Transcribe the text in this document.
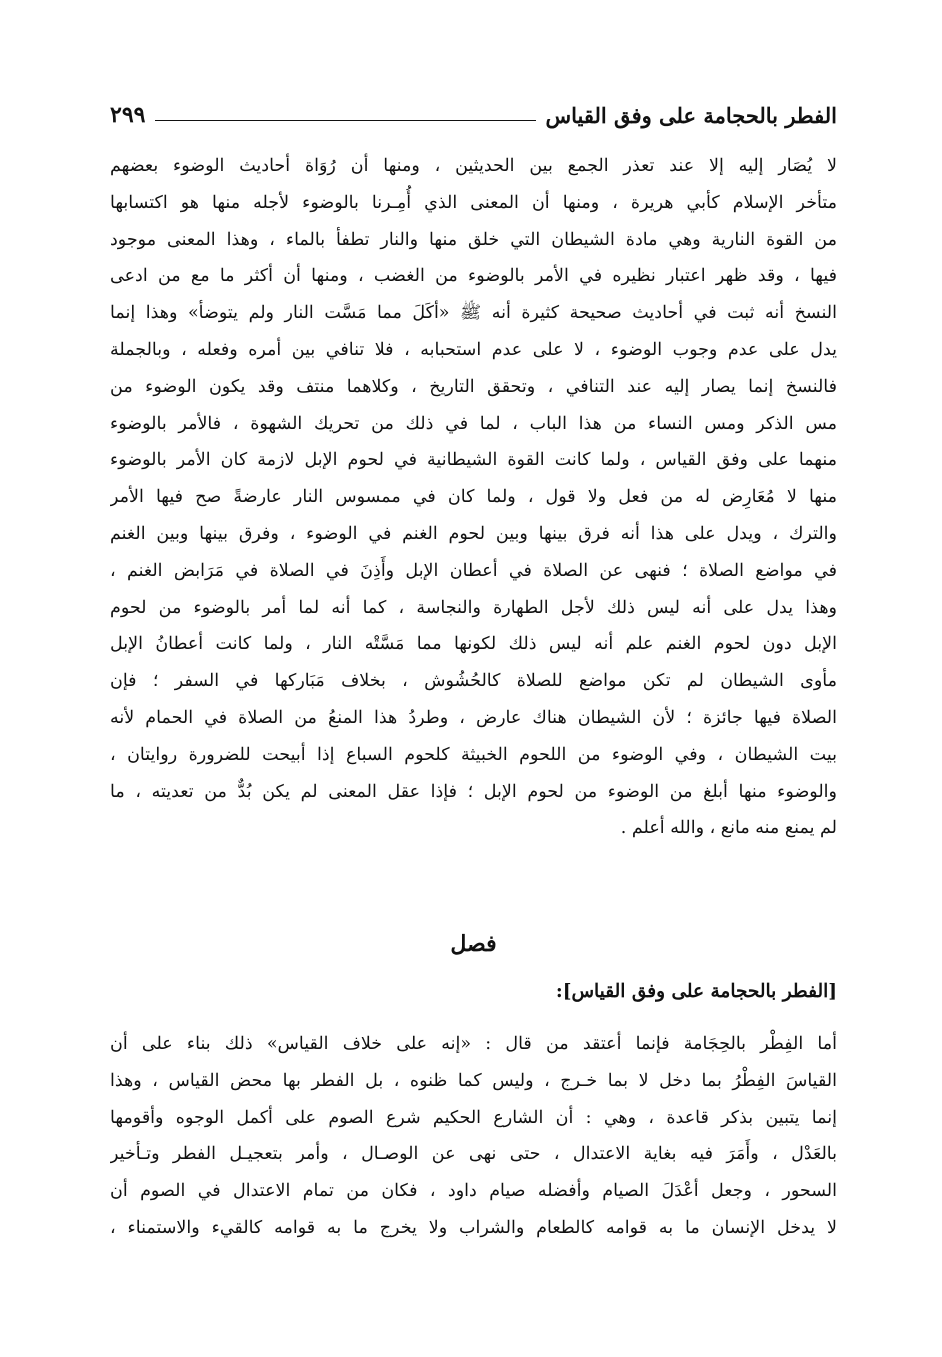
الفطر بالحجامة على وفق القياس
٢٩٩
لا يُصَار إليه إلا عند تعذر الجمع بين الحديثين ، ومنها أن رُوَاة أحاديث الوضوء بعضهم
متأخر الإسلام كأبي هريرة ، ومنها أن المعنى الذي أُمِـرنا بالوضوء لأجله منها هو اكتسابها
من القوة النارية وهي مادة الشيطان التي خلق منها والنار تطفأ بالماء ، وهذا المعنى موجود
فيها ، وقد ظهر اعتبار نظيره في الأمر بالوضوء من الغضب ، ومنها أن أكثر ما مع من ادعى
النسخ أنه ثبت في أحاديث صحيحة كثيرة أنه ﷺ «أكَلَ مما مَسَّت النار ولم يتوضأ» وهذا إنما
يدل على عدم وجوب الوضوء ، لا على عدم استحبابه ، فلا تنافي بين أمره وفعله ، وبالجملة
فالنسخ إنما يصار إليه عند التنافي ، وتحقق التاريخ ، وكلاهما منتف وقد يكون الوضوء من
مس الذكر ومس النساء من هذا الباب ، لما في ذلك من تحريك الشهوة ، فالأمر بالوضوء
منهما على وفق القياس ، ولما كانت القوة الشيطانية في لحوم الإبل لازمة كان الأمر بالوضوء
منها لا مُعَارِض له من فعل ولا قول ، ولما كان في ممسوس النار عارضةً صح فيها الأمر
والترك ، ويدل على هذا أنه فرق بينها وبين لحوم الغنم في الوضوء ، وفرق بينها وبين الغنم
في مواضع الصلاة ؛ فنهى عن الصلاة في أعطان الإبل وأَذِنَ في الصلاة في مَرَابض الغنم ،
وهذا يدل على أنه ليس ذلك لأجل الطهارة والنجاسة ، كما أنه لما أمر بالوضوء من لحوم
الإبل دون لحوم الغنم علم أنه ليس ذلك لكونها مما مَسَّتْه النار ، ولما كانت أعطانُ الإبل
مأوى الشيطان لم تكن مواضع للصلاة كالحُشُوش ، بخلاف مَبَاركها في السفر ؛ فإن
الصلاة فيها جائزة ؛ لأن الشيطان هناك عارض ، وطردُ هذا المنعُ من الصلاة في الحمام لأنه
بيت الشيطان ، وفي الوضوء من اللحوم الخبيثة كلحوم السباع إذا أبيحت للضرورة روايتان ،
والوضوء منها أبلغ من الوضوء من لحوم الإبل ؛ فإذا عقل المعنى لم يكن بُدٌّ من تعديته ، ما
لم يمنع منه مانع ، والله أعلم .
فصل
[الفطر بالحجامة على وفق القياس]:
أما الفِطْر بالحِجَامة فإنما أعتقد من قال : «إنه على خلاف القياس» ذلك بناء على أن
القياسَ الفِطْرُ بما دخل لا بما خـرج ، وليس كما ظنوه ، بل الفطر بها محض القياس ، وهذا
إنما يتبين بذكر قاعدة ، وهي : أن الشارع الحكيم شرع الصوم على أكمل الوجوه وأقومها
بالعَدْل ، وأَمَرَ فيه بغاية الاعتدال ، حتى نهى عن الوصـال ، وأمر بتعجيـل الفطر وتـأخير
السحور ، وجعل أعْدَلَ الصيام وأفضله صيام داود ، فكان من تمام الاعتدال في الصوم أن
لا يدخل الإنسان ما به قوامه كالطعام والشراب ولا يخرج ما به قوامه كالقيء والاستمناء ،
